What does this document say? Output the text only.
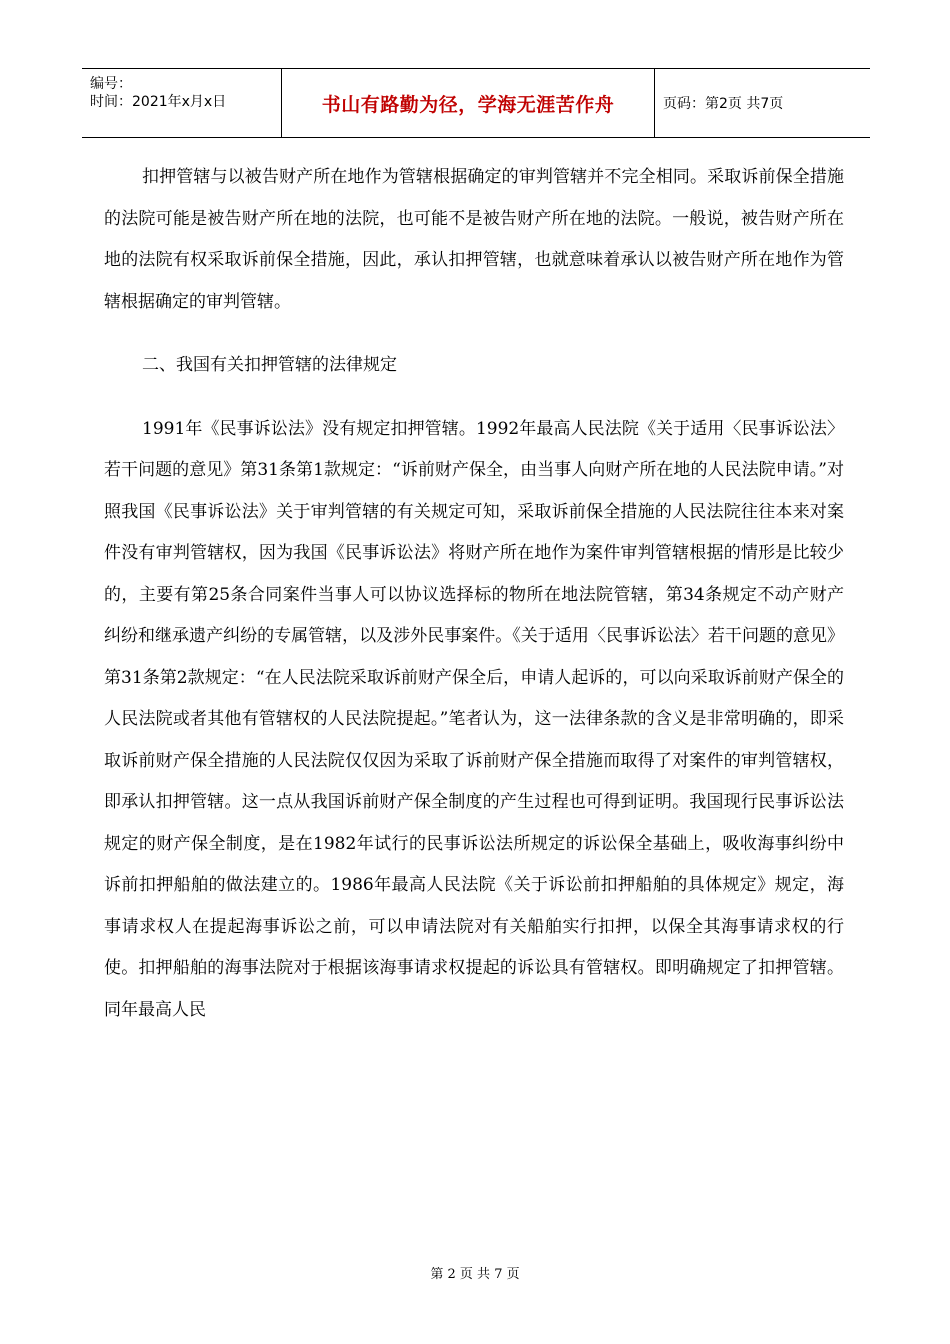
编号：
时间：2021年x月x日	书山有路勤为径，学海无涯苦作舟	页码：第2页 共7页

扣押管辖与以被告财产所在地作为管辖根据确定的审判管辖并不完全相同。采取诉前保全措施的法院可能是被告财产所在地的法院，也可能不是被告财产所在地的法院。一般说，被告财产所在地的法院有权采取诉前保全措施，因此，承认扣押管辖，也就意味着承认以被告财产所在地作为管辖根据确定的审判管辖。

二、我国有关扣押管辖的法律规定

1991年《民事诉讼法》没有规定扣押管辖。1992年最高人民法院《关于适用〈民事诉讼法〉若干问题的意见》第31条第1款规定：“诉前财产保全，由当事人向财产所在地的人民法院申请。”对照我国《民事诉讼法》关于审判管辖的有关规定可知，采取诉前保全措施的人民法院往往本来对案件没有审判管辖权，因为我国《民事诉讼法》将财产所在地作为案件审判管辖根据的情形是比较少的，主要有第25条合同案件当事人可以协议选择标的物所在地法院管辖，第34条规定不动产财产纠纷和继承遗产纠纷的专属管辖，以及涉外民事案件。《关于适用〈民事诉讼法〉若干问题的意见》第31条第2款规定：“在人民法院采取诉前财产保全后，申请人起诉的，可以向采取诉前财产保全的人民法院或者其他有管辖权的人民法院提起。”笔者认为，这一法律条款的含义是非常明确的，即采取诉前财产保全措施的人民法院仅仅因为采取了诉前财产保全措施而取得了对案件的审判管辖权，即承认扣押管辖。这一点从我国诉前财产保全制度的产生过程也可得到证明。我国现行民事诉讼法规定的财产保全制度，是在1982年试行的民事诉讼法所规定的诉讼保全基础上，吸收海事纠纷中诉前扣押船舶的做法建立的。1986年最高人民法院《关于诉讼前扣押船舶的具体规定》规定，海事请求权人在提起海事诉讼之前，可以申请法院对有关船舶实行扣押，以保全其海事请求权的行使。扣押船舶的海事法院对于根据该海事请求权提起的诉讼具有管辖权。即明确规定了扣押管辖。同年最高人民

第 2 页 共 7 页
